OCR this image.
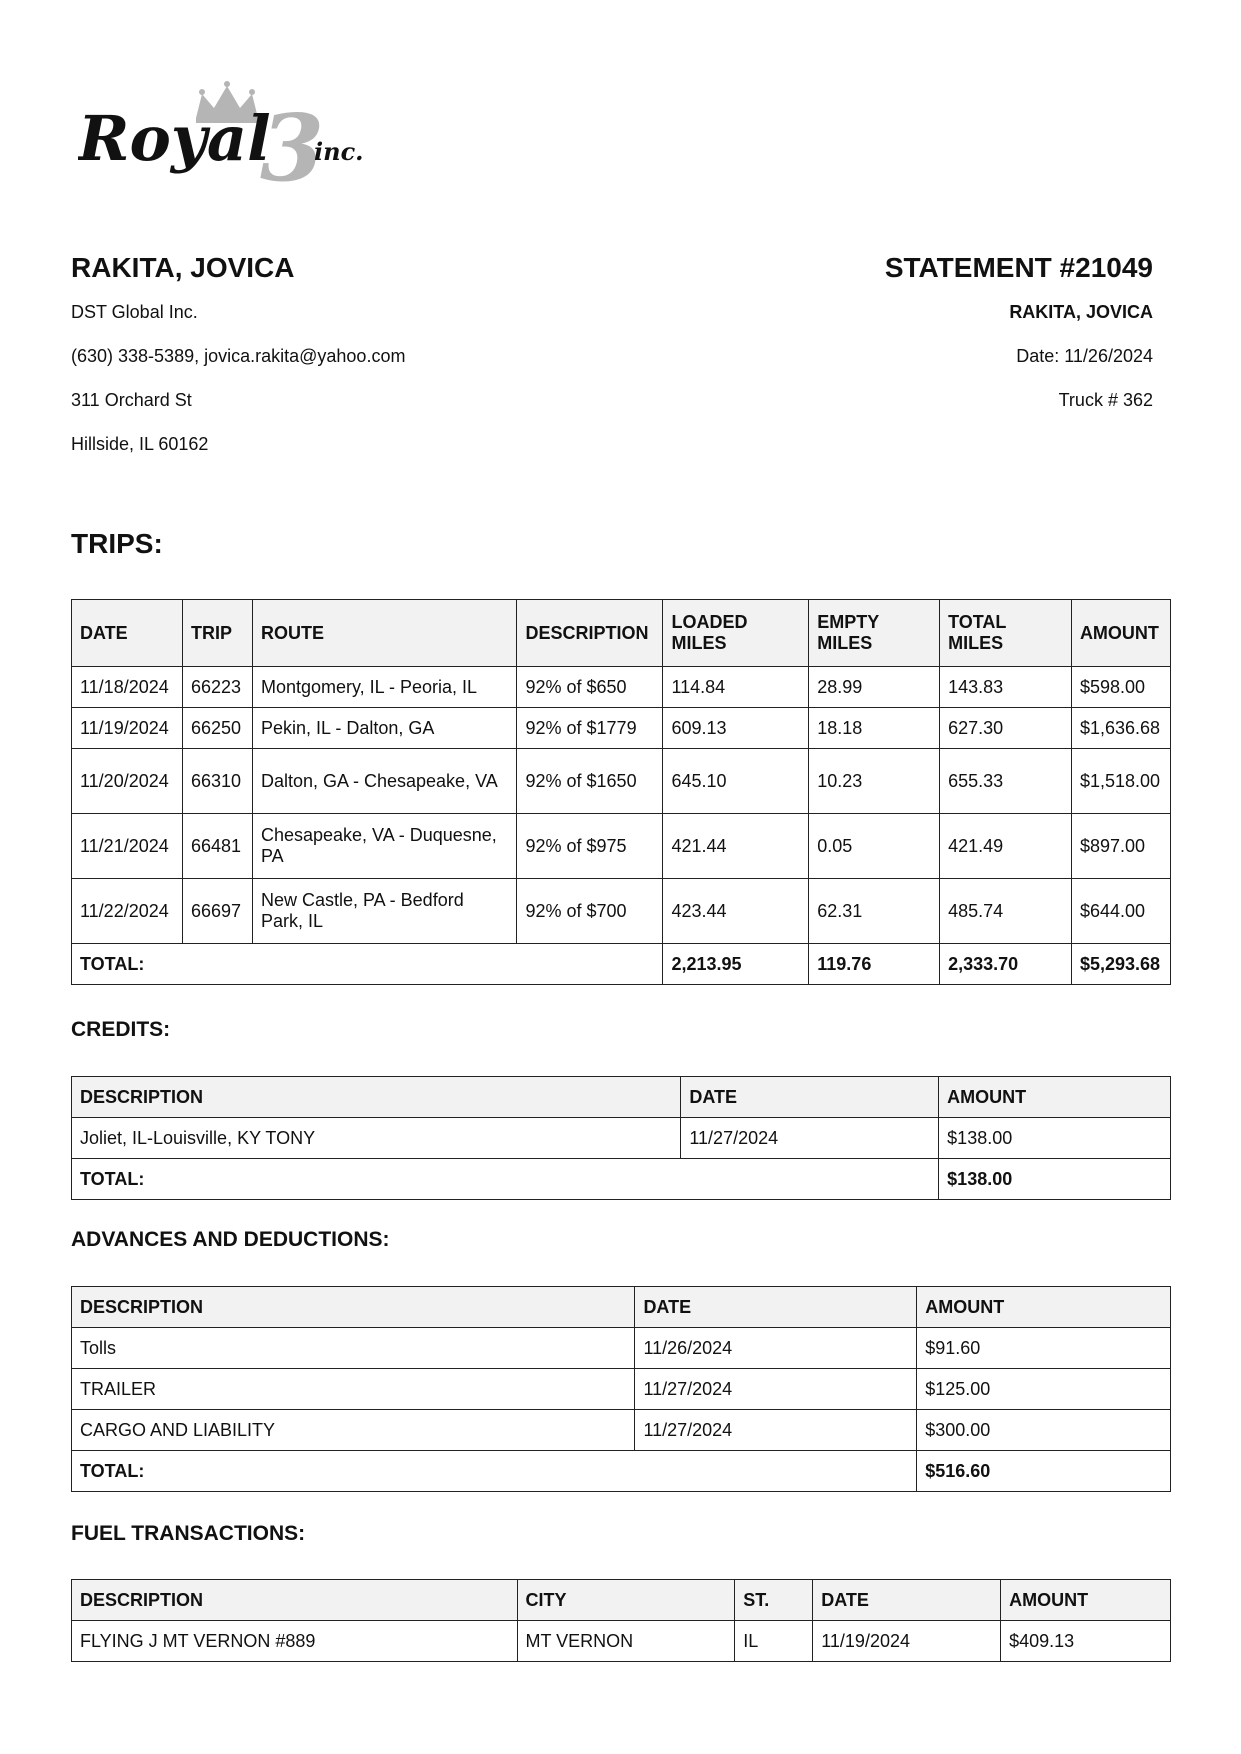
3
Royal inc.
RAKITA, JOVICA
DST Global Inc.
(630) 338-5389, jovica.rakita@yahoo.com
311 Orchard St
Hillside, IL 60162
STATEMENT #21049
RAKITA, JOVICA
Date: 11/26/2024
Truck # 362
TRIPS:
DATE	TRIP	ROUTE	DESCRIPTION	LOADED MILES	EMPTY MILES	TOTAL MILES	AMOUNT
11/18/2024	66223	Montgomery, IL - Peoria, IL	92% of $650	114.84	28.99	143.83	$598.00
11/19/2024	66250	Pekin, IL - Dalton, GA	92% of $1779	609.13	18.18	627.30	$1,636.68
11/20/2024	66310	Dalton, GA - Chesapeake, VA	92% of $1650	645.10	10.23	655.33	$1,518.00
11/21/2024	66481	Chesapeake, VA - Duquesne, PA	92% of $975	421.44	0.05	421.49	$897.00
11/22/2024	66697	New Castle, PA - Bedford Park, IL	92% of $700	423.44	62.31	485.74	$644.00
TOTAL:				2,213.95	119.76	2,333.70	$5,293.68
CREDITS:
DESCRIPTION	DATE	AMOUNT
Joliet, IL-Louisville, KY TONY	11/27/2024	$138.00
TOTAL:		$138.00
ADVANCES AND DEDUCTIONS:
DESCRIPTION	DATE	AMOUNT
Tolls	11/26/2024	$91.60
TRAILER	11/27/2024	$125.00
CARGO AND LIABILITY	11/27/2024	$300.00
TOTAL:		$516.60
FUEL TRANSACTIONS:
DESCRIPTION	CITY	ST.	DATE	AMOUNT
FLYING J MT VERNON #889	MT VERNON	IL	11/19/2024	$409.13
